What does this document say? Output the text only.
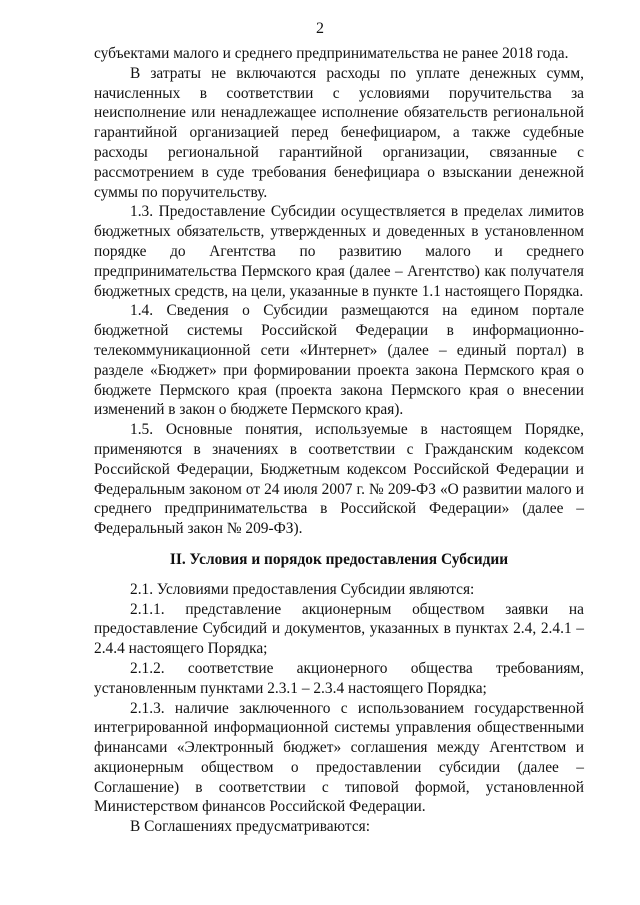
2

субъектами малого и среднего предпринимательства не ранее 2018 года.

В затраты не включаются расходы по уплате денежных сумм, начисленных в соответствии с условиями поручительства за неисполнение или ненадлежащее исполнение обязательств региональной гарантийной организацией перед бенефициаром, а также судебные расходы региональной гарантийной организации, связанные с рассмотрением в суде требования бенефициара о взыскании денежной суммы по поручительству.

1.3. Предоставление Субсидии осуществляется в пределах лимитов бюджетных обязательств, утвержденных и доведенных в установленном порядке до Агентства по развитию малого и среднего предпринимательства Пермского края (далее – Агентство) как получателя бюджетных средств, на цели, указанные в пункте 1.1 настоящего Порядка.

1.4. Сведения о Субсидии размещаются на едином портале бюджетной системы Российской Федерации в информационно-телекоммуникационной сети «Интернет» (далее – единый портал) в разделе «Бюджет» при формировании проекта закона Пермского края о бюджете Пермского края (проекта закона Пермского края о внесении изменений в закон о бюджете Пермского края).

1.5. Основные понятия, используемые в настоящем Порядке, применяются в значениях в соответствии с Гражданским кодексом Российской Федерации, Бюджетным кодексом Российской Федерации и Федеральным законом от 24 июля 2007 г. № 209-ФЗ «О развитии малого и среднего предпринимательства в Российской Федерации» (далее – Федеральный закон № 209-ФЗ).

II. Условия и порядок предоставления Субсидии

2.1. Условиями предоставления Субсидии являются:

2.1.1. представление акционерным обществом заявки на предоставление Субсидий и документов, указанных в пунктах 2.4, 2.4.1 – 2.4.4 настоящего Порядка;

2.1.2. соответствие акционерного общества требованиям, установленным пунктами 2.3.1 – 2.3.4 настоящего Порядка;

2.1.3. наличие заключенного с использованием государственной интегрированной информационной системы управления общественными финансами «Электронный бюджет» соглашения между Агентством и акционерным обществом о предоставлении субсидии (далее – Соглашение) в соответствии с типовой формой, установленной Министерством финансов Российской Федерации.

В Соглашениях предусматриваются:
